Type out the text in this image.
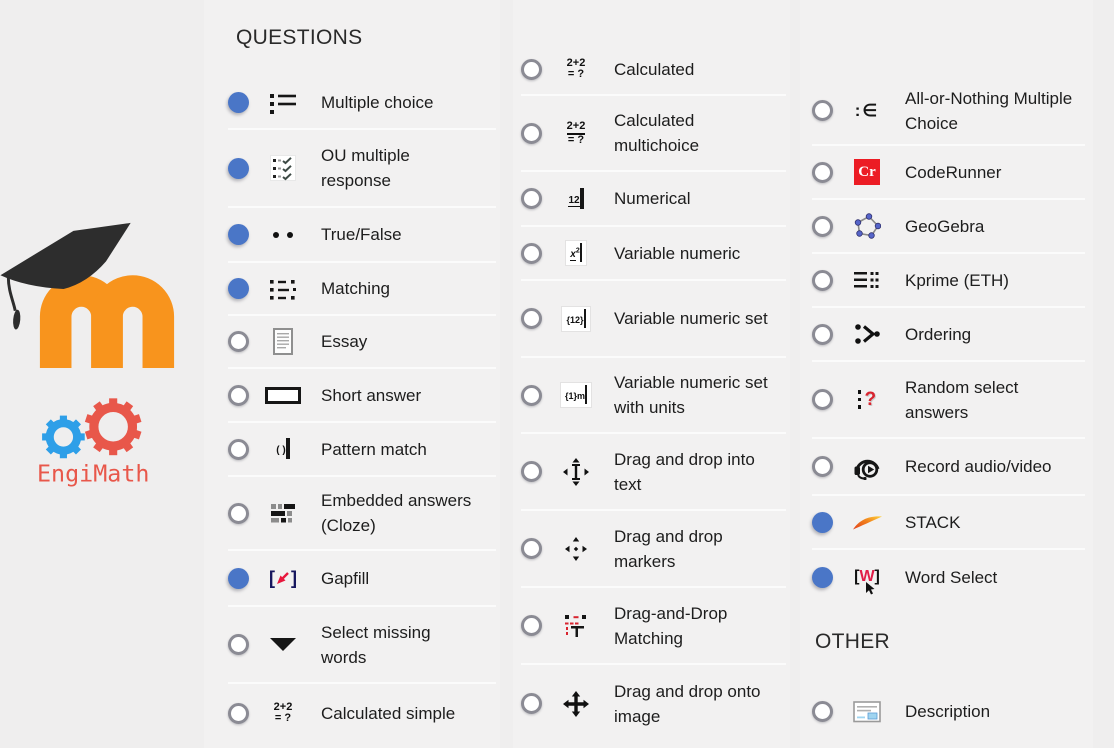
EngiMath
QUESTIONS
Multiple choice
OU multiple response
True/False
Matching
Essay
Short answer
( ) Pattern match
Embedded answers (Cloze)
[ ] Gapfill
Select missing words
2+2
= ? Calculated simple
2+2
= ? Calculated
2+2
= ?
Calculated multichoice
12 Numerical
$x^2$	Variable numeric
{12}	Variable numeric set
{1}m
Variable numeric set with units
Drag and drop into text
Drag and drop markers
Drag-and-Drop Matching
Drag and drop onto image
:∈
All-or-Nothing Multiple Choice
Cr CodeRunner
GeoGebra
Kprime (ETH)
Ordering
?
Random select answers
Record audio/video
STACK
[W] Word Select
OTHER
Description
